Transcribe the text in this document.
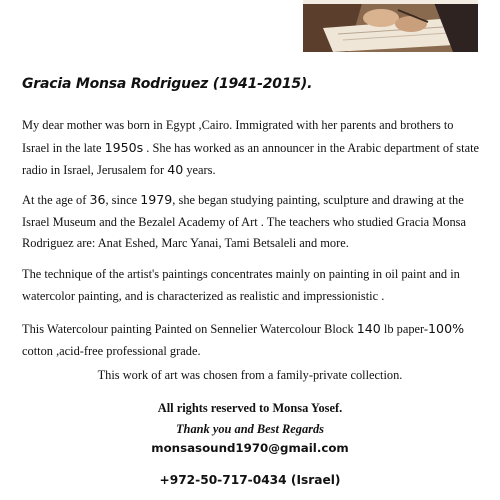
Gracia Monsa Rodriguez (1941-2015).

My dear mother was born in Egypt ,Cairo. Immigrated with her parents and brothers to Israel in the late 1950s . She has worked as an announcer in the Arabic department of state radio in Israel, Jerusalem for 40 years.

At the age of 36, since 1979, she began studying painting, sculpture and drawing at the Israel Museum and the Bezalel Academy of Art . The teachers who studied Gracia Monsa Rodriguez are: Anat Eshed, Marc Yanai, Tami Betsaleli and more.

The technique of the artist's paintings concentrates mainly on painting in oil paint and in watercolor painting, and is characterized as realistic and impressionistic .

This Watercolour painting Painted on Sennelier Watercolour Block 140 lb paper-100% cotton ,acid-free professional grade.

This work of art was chosen from a family-private collection.

All rights reserved to Monsa Yosef.

Thank you and Best Regards

monsasound1970@gmail.com

+972-50-717-0434 (Israel)
